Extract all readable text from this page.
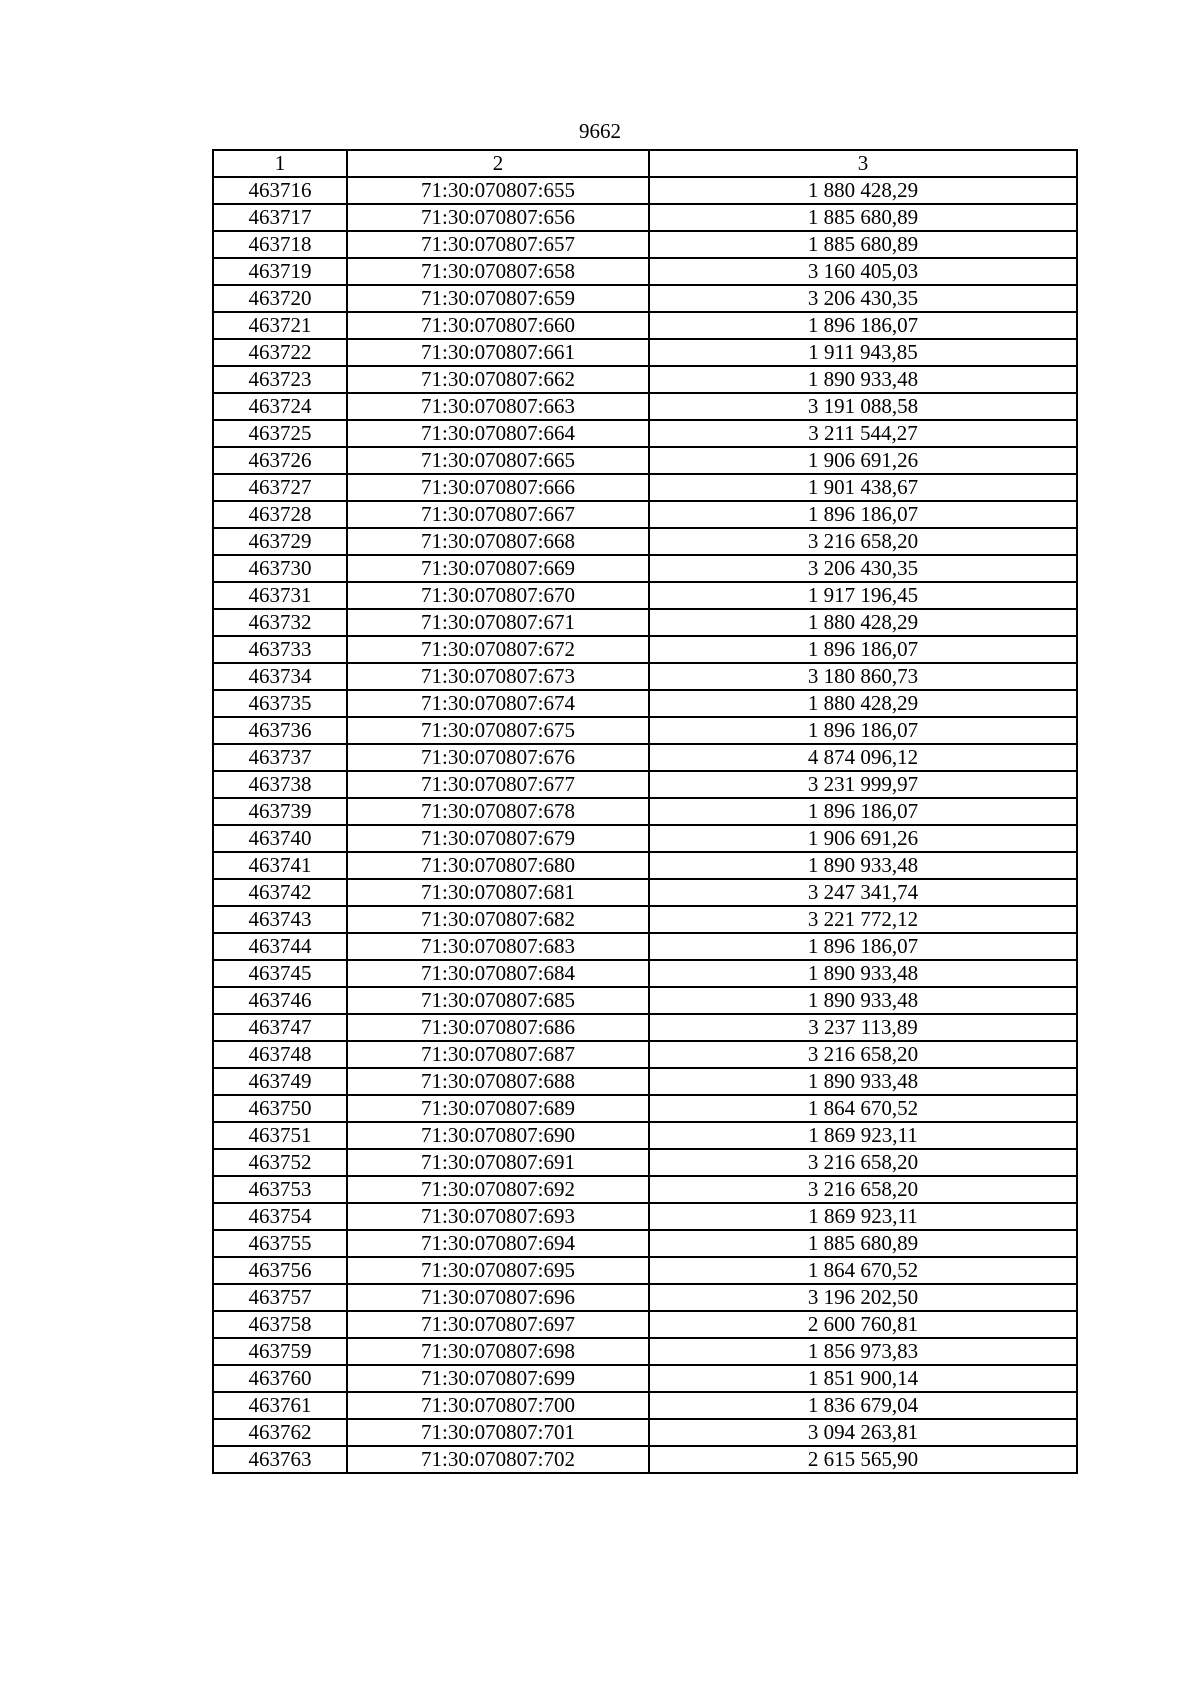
9662
1	2	3
463716	71:30:070807:655	1 880 428,29
463717	71:30:070807:656	1 885 680,89
463718	71:30:070807:657	1 885 680,89
463719	71:30:070807:658	3 160 405,03
463720	71:30:070807:659	3 206 430,35
463721	71:30:070807:660	1 896 186,07
463722	71:30:070807:661	1 911 943,85
463723	71:30:070807:662	1 890 933,48
463724	71:30:070807:663	3 191 088,58
463725	71:30:070807:664	3 211 544,27
463726	71:30:070807:665	1 906 691,26
463727	71:30:070807:666	1 901 438,67
463728	71:30:070807:667	1 896 186,07
463729	71:30:070807:668	3 216 658,20
463730	71:30:070807:669	3 206 430,35
463731	71:30:070807:670	1 917 196,45
463732	71:30:070807:671	1 880 428,29
463733	71:30:070807:672	1 896 186,07
463734	71:30:070807:673	3 180 860,73
463735	71:30:070807:674	1 880 428,29
463736	71:30:070807:675	1 896 186,07
463737	71:30:070807:676	4 874 096,12
463738	71:30:070807:677	3 231 999,97
463739	71:30:070807:678	1 896 186,07
463740	71:30:070807:679	1 906 691,26
463741	71:30:070807:680	1 890 933,48
463742	71:30:070807:681	3 247 341,74
463743	71:30:070807:682	3 221 772,12
463744	71:30:070807:683	1 896 186,07
463745	71:30:070807:684	1 890 933,48
463746	71:30:070807:685	1 890 933,48
463747	71:30:070807:686	3 237 113,89
463748	71:30:070807:687	3 216 658,20
463749	71:30:070807:688	1 890 933,48
463750	71:30:070807:689	1 864 670,52
463751	71:30:070807:690	1 869 923,11
463752	71:30:070807:691	3 216 658,20
463753	71:30:070807:692	3 216 658,20
463754	71:30:070807:693	1 869 923,11
463755	71:30:070807:694	1 885 680,89
463756	71:30:070807:695	1 864 670,52
463757	71:30:070807:696	3 196 202,50
463758	71:30:070807:697	2 600 760,81
463759	71:30:070807:698	1 856 973,83
463760	71:30:070807:699	1 851 900,14
463761	71:30:070807:700	1 836 679,04
463762	71:30:070807:701	3 094 263,81
463763	71:30:070807:702	2 615 565,90
